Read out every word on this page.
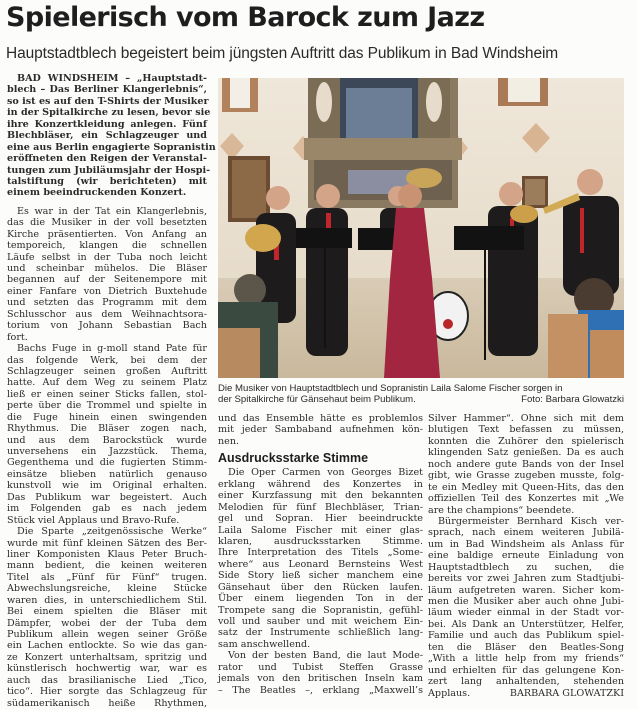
Spielerisch vom Barock zum Jazz
Hauptstadtblech begeistert beim jüngsten Auftritt das Publikum in Bad Windsheim
BAD WINDSHEIM – „Hauptstadt-
blech – Das Berliner Klangerlebnis“,
so ist es auf den T-Shirts der Musiker
in der Spitalkirche zu lesen, bevor sie
ihre Konzertkleidung anlegen. Fünf
Blechbläser, ein Schlagzeuger und
eine aus Berlin engagierte Sopranistin
eröffneten den Reigen der Veranstal-
tungen zum Jubiläumsjahr der Hospi-
talstiftung (wir berichteten) mit
einem beeindruckenden Konzert.
Es war in der Tat ein Klangerlebnis,
das die Musiker in der voll besetzten
Kirche präsentierten. Von Anfang an
temporeich, klangen die schnellen
Läufe selbst in der Tuba noch leicht
und scheinbar mühelos. Die Bläser
begannen auf der Seitenempore mit
einer Fanfare von Dietrich Buxtehude
und setzten das Programm mit dem
Schlusschor aus dem Weihnachtsora-
torium von Johann Sebastian Bach
fort.
Bachs Fuge in g-moll stand Pate für
das folgende Werk, bei dem der
Schlagzeuger seinen großen Auftritt
hatte. Auf dem Weg zu seinem Platz
ließ er einen seiner Sticks fallen, stol-
perte über die Trommel und spielte in
die Fuge hinein einen swingenden
Rhythmus. Die Bläser zogen nach,
und aus dem Barockstück wurde
unversehens ein Jazzstück. Thema,
Gegenthema und die fugierten Stimm-
einsätze blieben natürlich genauso
kunstvoll wie im Original erhalten.
Das Publikum war begeistert. Auch
im Folgenden gab es nach jedem
Stück viel Applaus und Bravo-Rufe.
Die Sparte „zeitgenössische Werke“
wurde mit fünf kleinen Sätzen des Ber-
liner Komponisten Klaus Peter Bruch-
mann bedient, die keinen weiteren
Titel als „Fünf für Fünf“ trugen.
Abwechslungsreiche, kleine Stücke
waren dies, in unterschiedlichem Stil.
Bei einem spielten die Bläser mit
Dämpfer, wobei der der Tuba dem
Publikum allein wegen seiner Größe
ein Lachen entlockte. So wie das gan-
ze Konzert unterhaltsam, spritzig und
künstlerisch hochwertig war, war es
auch das brasilianische Lied „Tico,
tico“. Hier sorgte das Schlagzeug für
südamerikanisch heiße Rhythmen,
Die Musiker von Hauptstadtblech und Sopranistin Laila Salome Fischer sorgen in
der Spitalkirche für Gänsehaut beim Publikum.	Foto: Barbara Glowatzki
und das Ensemble hätte es problemlos
mit jeder Sambaband aufnehmen kön-
nen.
Ausdrucksstarke Stimme
Die Oper Carmen von Georges Bizet
erklang während des Konzertes in
einer Kurzfassung mit den bekannten
Melodien für fünf Blechbläser, Trian-
gel und Sopran. Hier beeindruckte
Laila Salome Fischer mit einer glas-
klaren, ausdrucksstarken Stimme.
Ihre Interpretation des Titels „Some-
where“ aus Leonard Bernsteins West
Side Story ließ sicher manchem eine
Gänsehaut über den Rücken laufen.
Über einem liegenden Ton in der
Trompete sang die Sopranistin, gefühl-
voll und sauber und mit weichem Ein-
satz der Instrumente schließlich lang-
sam anschwellend.
Von der besten Band, die laut Mode-
rator und Tubist Steffen Grasse
jemals von den britischen Inseln kam
– The Beatles –, erklang „Maxwell’s
Silver Hammer“. Ohne sich mit dem
blutigen Text befassen zu müssen,
konnten die Zuhörer den spielerisch
klingenden Satz genießen. Da es auch
noch andere gute Bands von der Insel
gibt, wie Grasse zugeben musste, folg-
te ein Medley mit Queen-Hits, das den
offiziellen Teil des Konzertes mit „We
are the champions“ beendete.
Bürgermeister Bernhard Kisch ver-
sprach, nach einem weiteren Jubilä-
um in Bad Windsheim als Anlass für
eine baldige erneute Einladung von
Hauptstadtblech zu suchen, die
bereits vor zwei Jahren zum Stadtjubi-
läum aufgetreten waren. Sicher kom-
men die Musiker aber auch ohne Jubi-
läum wieder einmal in der Stadt vor-
bei. Als Dank an Unterstützer, Helfer,
Familie und auch das Publikum spiel-
ten die Bläser den Beatles-Song
„With a little help from my friends“
und erhielten für das gelungene Kon-
zert lang anhaltenden, stehenden
Applaus.	BARBARA GLOWATZKI
